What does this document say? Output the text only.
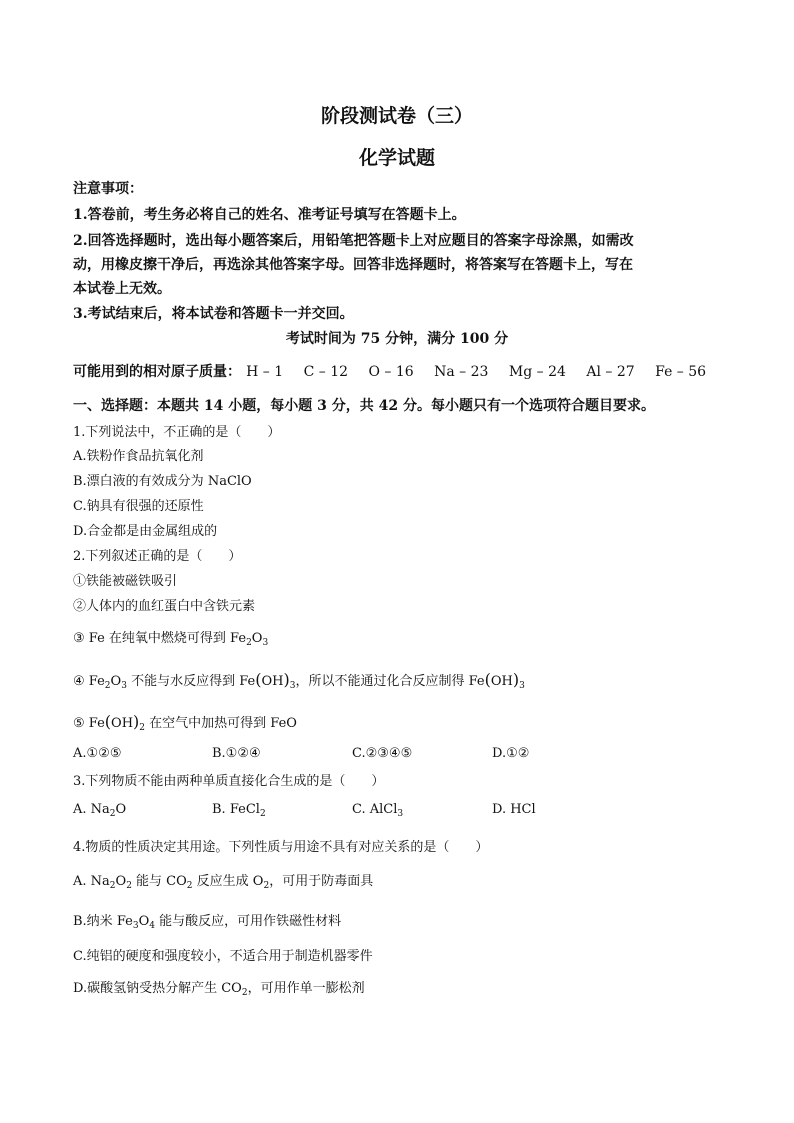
阶段测试卷（三）
化学试题
注意事项：
1.答卷前，考生务必将自己的姓名、准考证号填写在答题卡上。
2.回答选择题时，选出每小题答案后，用铅笔把答题卡上对应题目的答案字母涂黑，如需改
动，用橡皮擦干净后，再选涂其他答案字母。回答非选择题时，将答案写在答题卡上，写在
本试卷上无效。
3.考试结束后，将本试卷和答题卡一并交回。
考试时间为 75 分钟，满分 100 分
可能用到的相对原子质量： H – 1 C – 12 O – 16 Na – 23 Mg – 24 Al – 27 Fe – 56
一、选择题：本题共 14 小题，每小题 3 分，共 42 分。每小题只有一个选项符合题目要求。
1.下列说法中，不正确的是（　　）
A.铁粉作食品抗氧化剂
B.漂白液的有效成分为 NaClO
C.钠具有很强的还原性
D.合金都是由金属组成的
2.下列叙述正确的是（　　）
①铁能被磁铁吸引
②人体内的血红蛋白中含铁元素
③ Fe 在纯氧中燃烧可得到 $Fe_2O_3$
④ $Fe_2O_3$ 不能与水反应得到 $Fe(OH)_3$，所以不能通过化合反应制得 $Fe(OH)_3$
⑤ $Fe(OH)_2$ 在空气中加热可得到 FeO
A.①②⑤	B.①②④	C.②③④⑤	D.①②
3.下列物质不能由两种单质直接化合生成的是（　　）
A. $Na_2O$	B. FeCl$_2$	C. AlCl$_3$	D. HCl
4.物质的性质决定其用途。下列性质与用途不具有对应关系的是（　　）
A. $Na_2O_2$ 能与 $CO_2$ 反应生成 $O_2$，可用于防毒面具
B.纳米 $Fe_3O_4$ 能与酸反应，可用作铁磁性材料
C.纯铝的硬度和强度较小，不适合用于制造机器零件
D.碳酸氢钠受热分解产生 $CO_2$，可用作单一膨松剂
